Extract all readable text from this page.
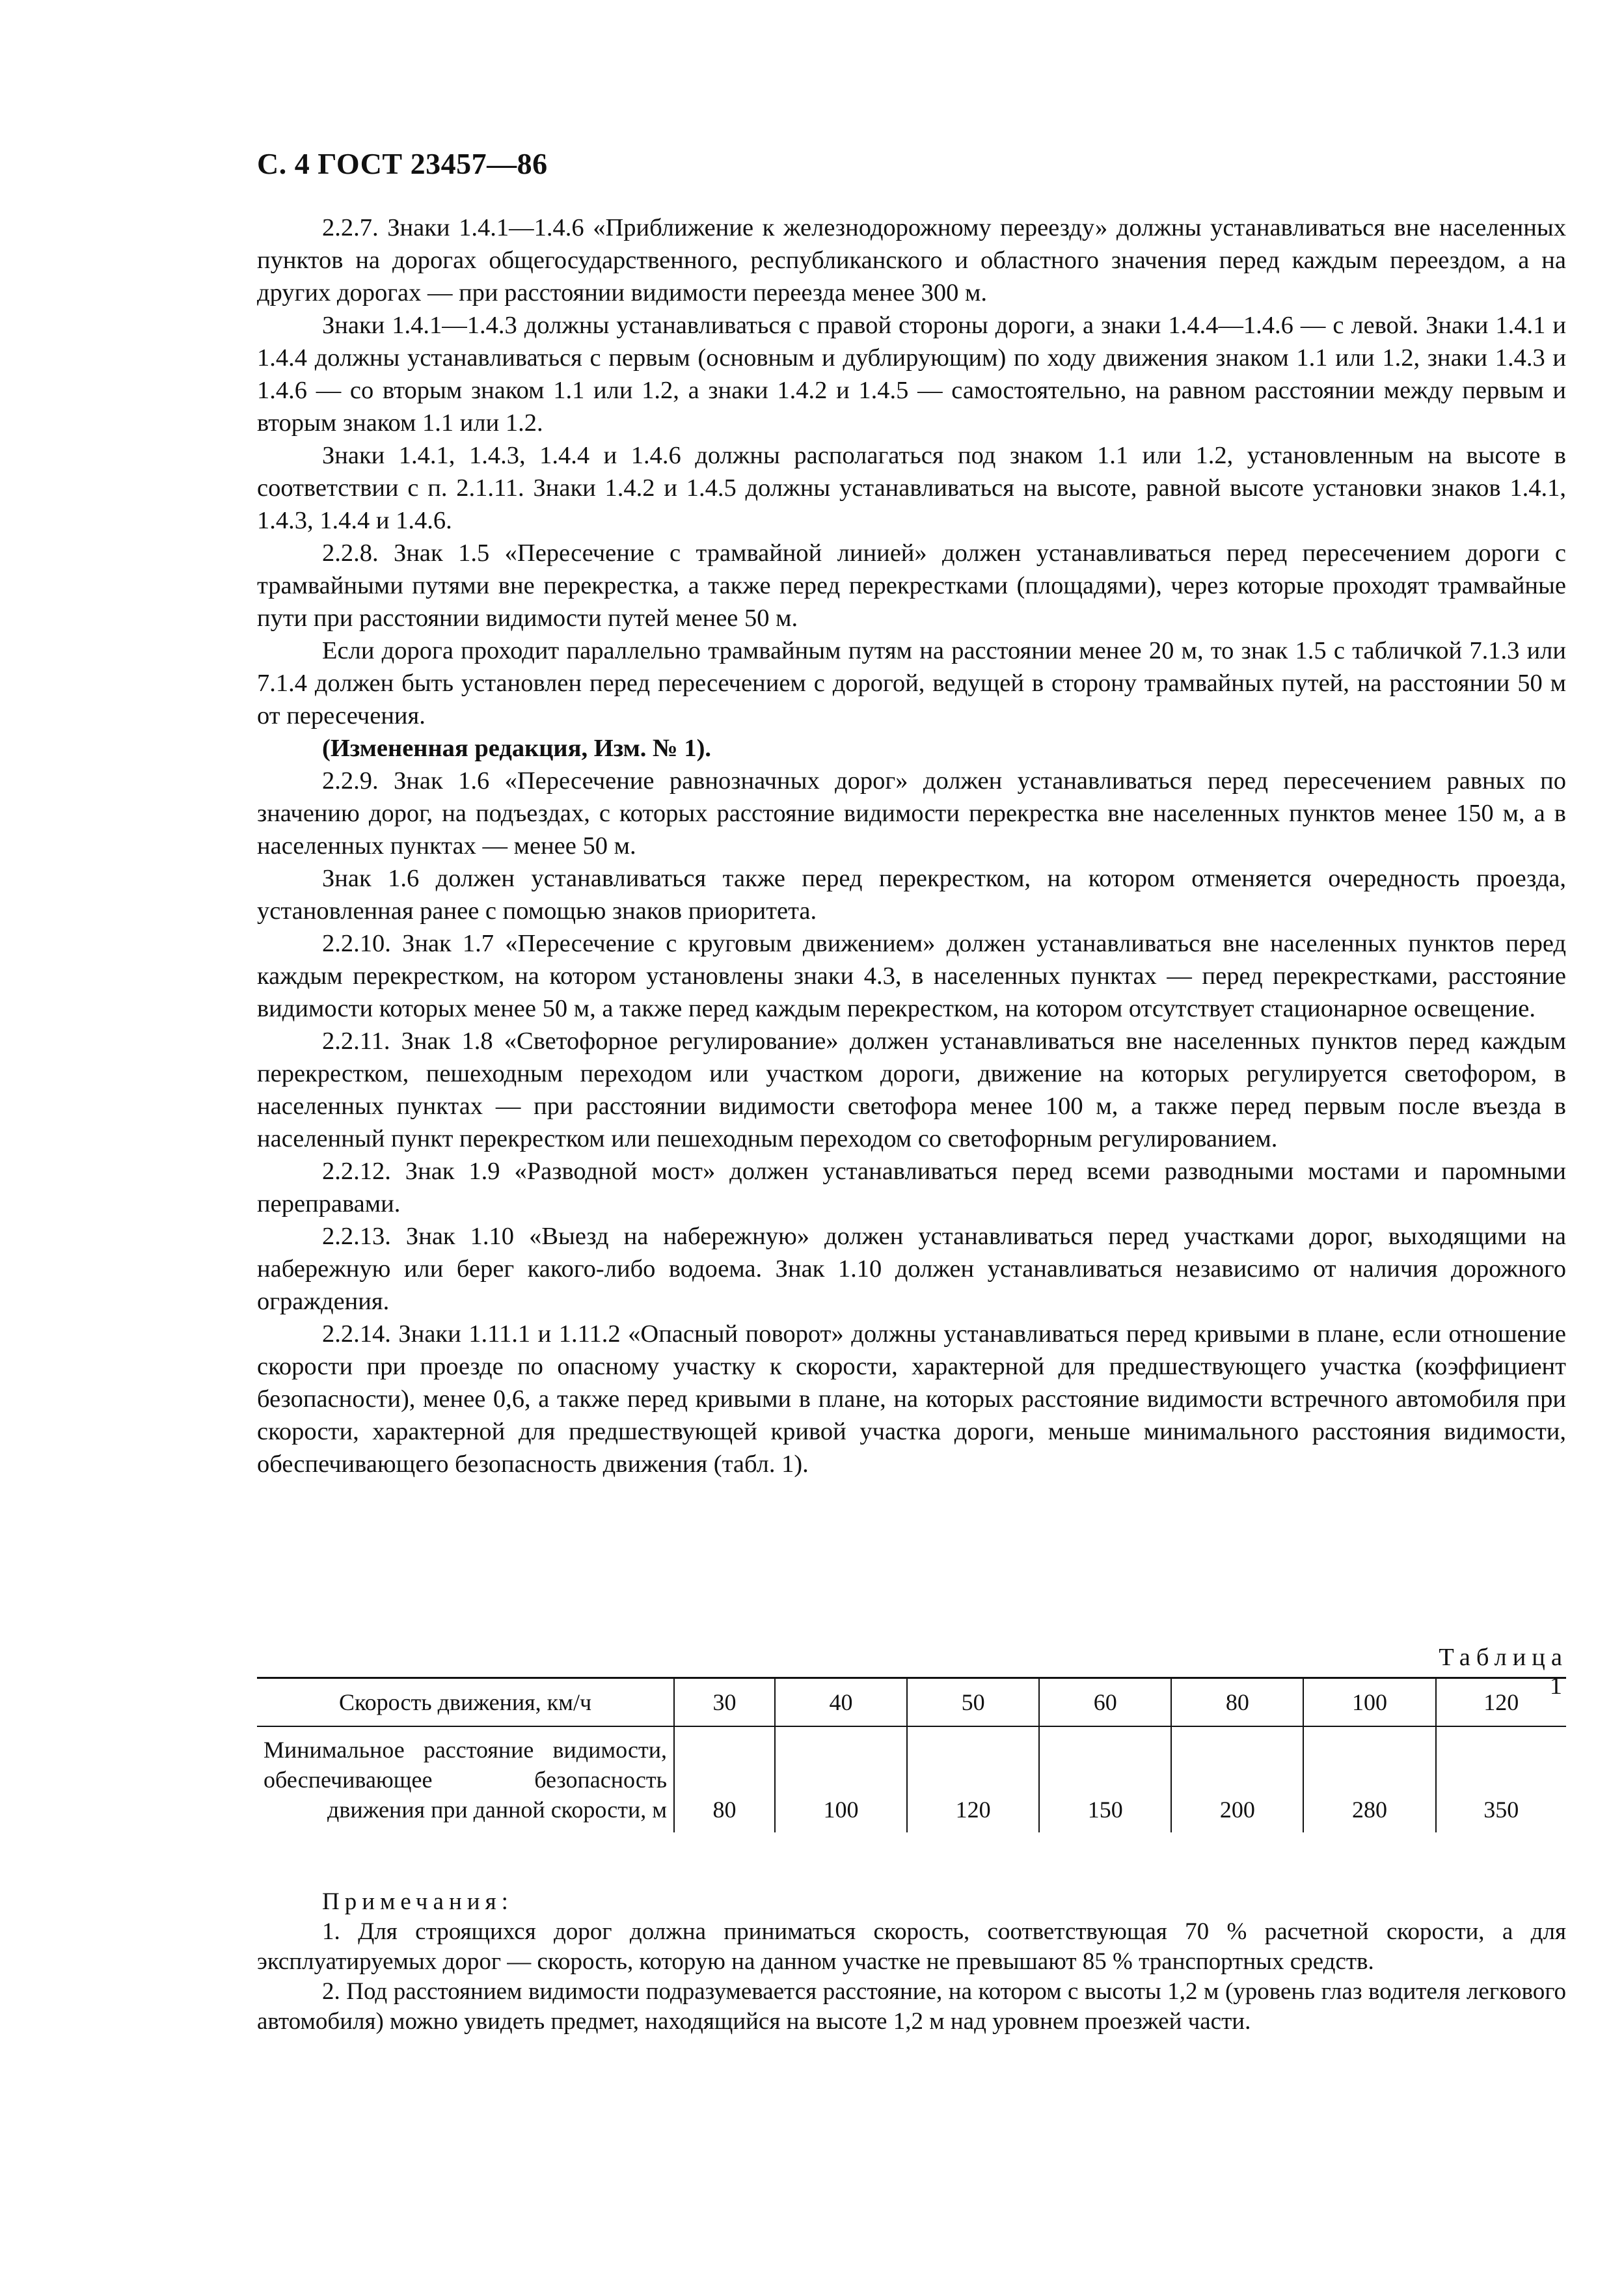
С. 4 ГОСТ 23457—86

2.2.7. Знаки 1.4.1—1.4.6 «Приближение к железнодорожному переезду» должны устанавливаться вне населенных пунктов на дорогах общегосударственного, республиканского и областного значения перед каждым переездом, а на других дорогах — при расстоянии видимости переезда менее 300 м.

Знаки 1.4.1—1.4.3 должны устанавливаться с правой стороны дороги, а знаки 1.4.4—1.4.6 — с левой. Знаки 1.4.1 и 1.4.4 должны устанавливаться с первым (основным и дублирующим) по ходу движения знаком 1.1 или 1.2, знаки 1.4.3 и 1.4.6 — со вторым знаком 1.1 или 1.2, а знаки 1.4.2 и 1.4.5 — самостоятельно, на равном расстоянии между первым и вторым знаком 1.1 или 1.2.

Знаки 1.4.1, 1.4.3, 1.4.4 и 1.4.6 должны располагаться под знаком 1.1 или 1.2, установленным на высоте в соответствии с п. 2.1.11. Знаки 1.4.2 и 1.4.5 должны устанавливаться на высоте, равной высоте установки знаков 1.4.1, 1.4.3, 1.4.4 и 1.4.6.

2.2.8. Знак 1.5 «Пересечение с трамвайной линией» должен устанавливаться перед пересечением дороги с трамвайными путями вне перекрестка, а также перед перекрестками (площадями), через которые проходят трамвайные пути при расстоянии видимости путей менее 50 м.

Если дорога проходит параллельно трамвайным путям на расстоянии менее 20 м, то знак 1.5 с табличкой 7.1.3 или 7.1.4 должен быть установлен перед пересечением с дорогой, ведущей в сторону трамвайных путей, на расстоянии 50 м от пересечения.

(Измененная редакция, Изм. № 1).

2.2.9. Знак 1.6 «Пересечение равнозначных дорог» должен устанавливаться перед пересечением равных по значению дорог, на подъездах, с которых расстояние видимости перекрестка вне населенных пунктов менее 150 м, а в населенных пунктах — менее 50 м.

Знак 1.6 должен устанавливаться также перед перекрестком, на котором отменяется очередность проезда, установленная ранее с помощью знаков приоритета.

2.2.10. Знак 1.7 «Пересечение с круговым движением» должен устанавливаться вне населенных пунктов перед каждым перекрестком, на котором установлены знаки 4.3, в населенных пунктах — перед перекрестками, расстояние видимости которых менее 50 м, а также перед каждым перекрестком, на котором отсутствует стационарное освещение.

2.2.11. Знак 1.8 «Светофорное регулирование» должен устанавливаться вне населенных пунктов перед каждым перекрестком, пешеходным переходом или участком дороги, движение на которых регулируется светофором, в населенных пунктах — при расстоянии видимости светофора менее 100 м, а также перед первым после въезда в населенный пункт перекрестком или пешеходным переходом со светофорным регулированием.

2.2.12. Знак 1.9 «Разводной мост» должен устанавливаться перед всеми разводными мостами и паромными переправами.

2.2.13. Знак 1.10 «Выезд на набережную» должен устанавливаться перед участками дорог, выходящими на набережную или берег какого-либо водоема. Знак 1.10 должен устанавливаться независимо от наличия дорожного ограждения.

2.2.14. Знаки 1.11.1 и 1.11.2 «Опасный поворот» должны устанавливаться перед кривыми в плане, если отношение скорости при проезде по опасному участку к скорости, характерной для предшествующего участка (коэффициент безопасности), менее 0,6, а также перед кривыми в плане, на которых расстояние видимости встречного автомобиля при скорости, характерной для предшествующей кривой участка дороги, меньше минимального расстояния видимости, обеспечивающего безопасность движения (табл. 1).

Таблица 1
Скорость движения, км/ч	30	40	50	60	80	100	120
Минимальное расстояние видимости, обеспечивающее безопасность движения при данной скорости, м	80	100	120	150	200	280	350

Примечания:

1. Для строящихся дорог должна приниматься скорость, соответствующая 70 % расчетной скорости, а для эксплуатируемых дорог — скорость, которую на данном участке не превышают 85 % транспортных средств.

2. Под расстоянием видимости подразумевается расстояние, на котором с высоты 1,2 м (уровень глаз водителя легкового автомобиля) можно увидеть предмет, находящийся на высоте 1,2 м над уровнем проезжей части.
